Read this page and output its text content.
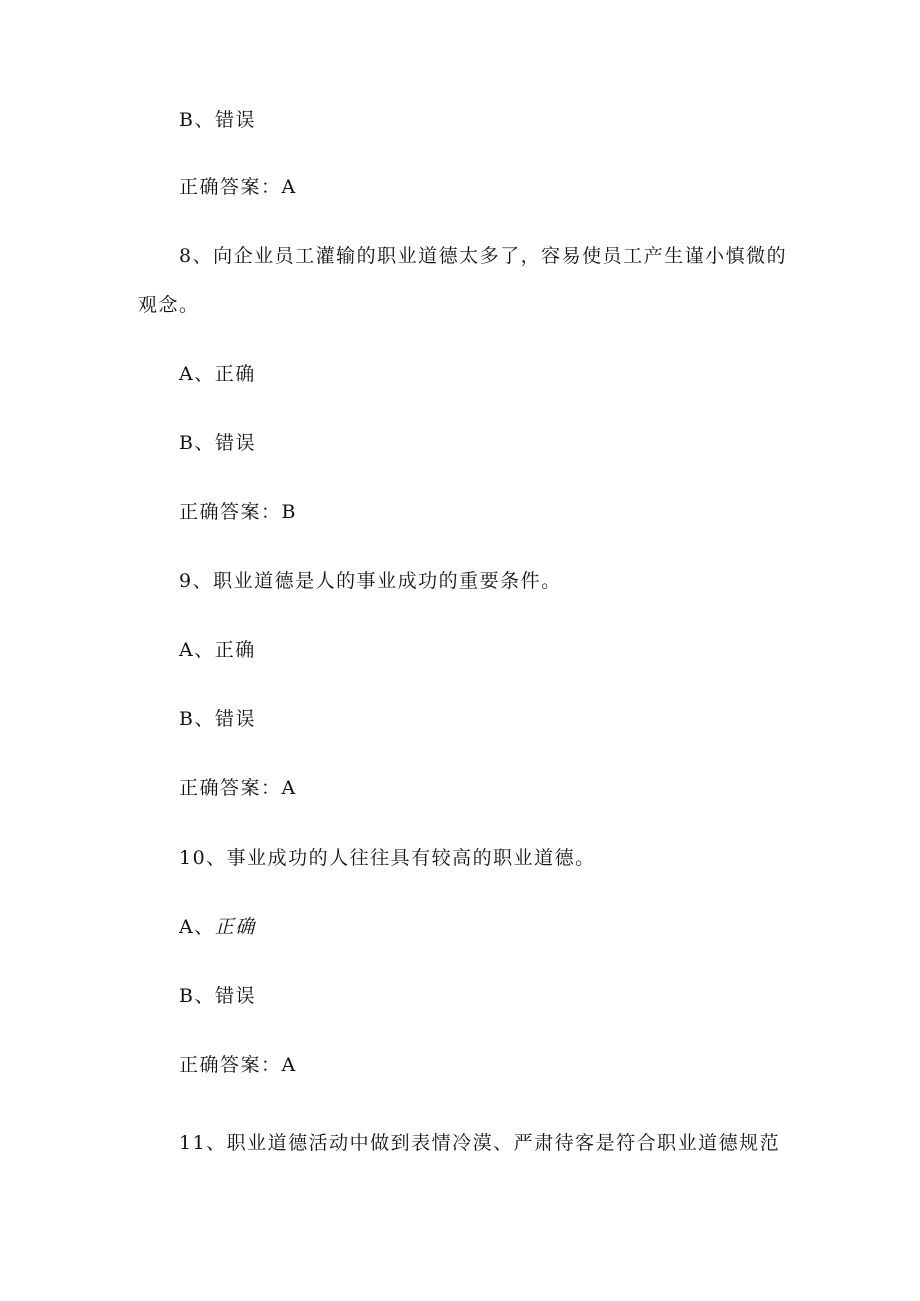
B、错误
正确答案：A
8、向企业员工灌输的职业道德太多了，容易使员工产生谨小慎微的
观念。
A、正确
B、错误
正确答案：B
9、职业道德是人的事业成功的重要条件。
A、正确
B、错误
正确答案：A
10、事业成功的人往往具有较高的职业道德。
A、正确
B、错误
正确答案：A
11、职业道德活动中做到表情冷漠、严肃待客是符合职业道德规范
